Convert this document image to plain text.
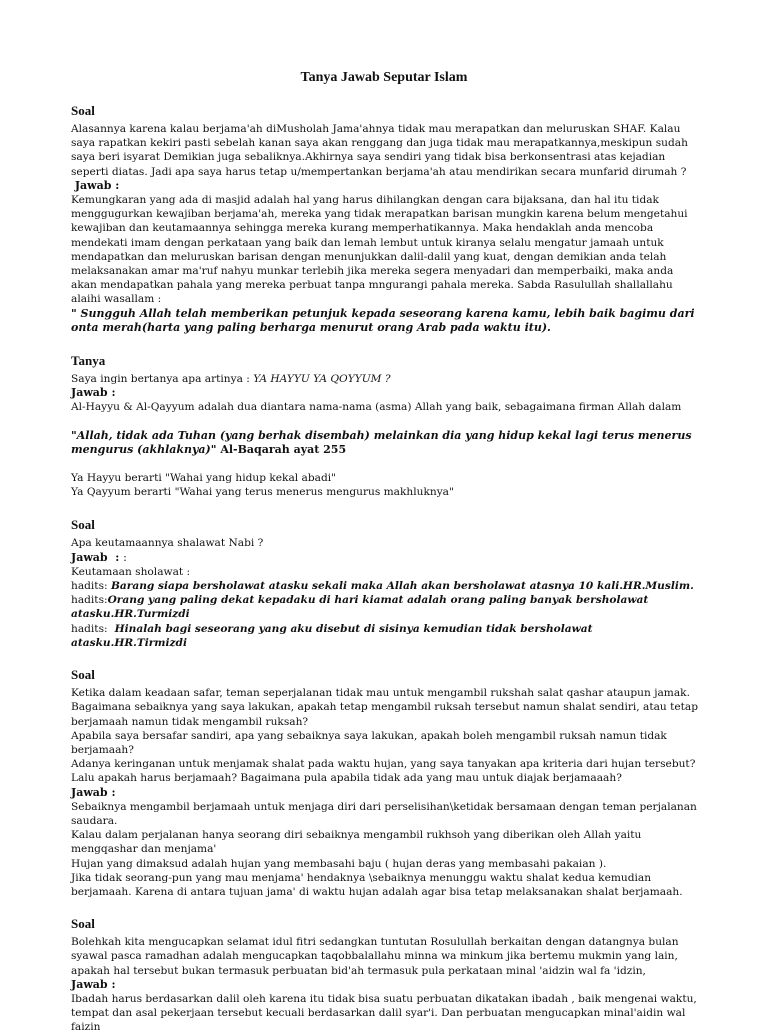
Tanya Jawab Seputar Islam

Soal

Alasannya karena kalau berjama'ah diMusholah Jama'ahnya tidak mau merapatkan dan meluruskan SHAF. Kalau saya rapatkan kekiri pasti sebelah kanan saya akan renggang dan juga tidak mau merapatkannya,meskipun sudah saya beri isyarat Demikian juga sebaliknya.Akhirnya saya sendiri yang tidak bisa berkonsentrasi atas kejadian seperti diatas. Jadi apa saya harus tetap u/mempertankan berjama'ah atau mendirikan secara munfarid dirumah ?

Jawab :

Kemungkaran yang ada di masjid adalah hal yang harus dihilangkan dengan cara bijaksana, dan hal itu tidak menggugurkan kewajiban berjama'ah, mereka yang tidak merapatkan barisan mungkin karena belum mengetahui kewajiban dan keutamaannya sehingga mereka kurang memperhatikannya. Maka hendaklah anda mencoba mendekati imam dengan perkataan yang baik dan lemah lembut untuk kiranya selalu mengatur jamaah untuk mendapatkan dan meluruskan barisan dengan menunjukkan dalil-dalil yang kuat, dengan demikian anda telah melaksanakan amar ma'ruf nahyu munkar terlebih jika mereka segera menyadari dan memperbaiki, maka anda akan mendapatkan pahala yang mereka perbuat tanpa mngurangi pahala mereka. Sabda Rasulullah shallallahu alaihi wasallam :

" Sungguh Allah telah memberikan petunjuk kepada seseorang karena kamu, lebih baik bagimu dari onta merah(harta yang paling berharga menurut orang Arab pada waktu itu).

Tanya

Saya ingin bertanya apa artinya : YA HAYYU YA QOYYUM ?

Jawab :

Al-Hayyu & Al-Qayyum adalah dua diantara nama-nama (asma) Allah yang baik, sebagaimana firman Allah dalam

"Allah, tidak ada Tuhan (yang berhak disembah) melainkan dia yang hidup kekal lagi terus menerus mengurus (akhlaknya)" Al-Baqarah ayat 255

Ya Hayyu berarti "Wahai yang hidup kekal abadi"

Ya Qayyum berarti "Wahai yang terus menerus mengurus makhluknya"

Soal

Apa keutamaannya shalawat Nabi ?

Jawab  : :

Keutamaan sholawat :

hadits: Barang siapa bersholawat atasku sekali maka Allah akan bersholawat atasnya 10 kali.HR.Muslim.

hadits:Orang yang paling dekat kepadaku di hari kiamat adalah orang paling banyak bersholawat atasku.HR.Turmizdi

hadits:  Hinalah bagi seseorang yang aku disebut di sisinya kemudian tidak bersholawat atasku.HR.Tirmizdi

Soal

Ketika dalam keadaan safar, teman seperjalanan tidak mau untuk mengambil rukshah salat qashar ataupun jamak.

Bagaimana sebaiknya yang saya lakukan, apakah tetap mengambil ruksah tersebut namun shalat sendiri, atau tetap berjamaah namun tidak mengambil ruksah?

Apabila saya bersafar sandiri, apa yang sebaiknya saya lakukan, apakah boleh mengambil ruksah namun tidak berjamaah?

Adanya keringanan untuk menjamak shalat pada waktu hujan, yang saya tanyakan apa kriteria dari hujan tersebut?

Lalu apakah harus berjamaah? Bagaimana pula apabila tidak ada yang mau untuk diajak berjamaaah?

Jawab :

Sebaiknya mengambil berjamaah untuk menjaga diri dari perselisihan\ketidak bersamaan dengan teman perjalanan saudara.

Kalau dalam perjalanan hanya seorang diri sebaiknya mengambil rukhsoh yang diberikan oleh Allah yaitu mengqashar dan menjama'

Hujan yang dimaksud adalah hujan yang membasahi baju ( hujan deras yang membasahi pakaian ).

Jika tidak seorang-pun yang mau menjama' hendaknya \sebaiknya menunggu waktu shalat kedua kemudian berjamaah. Karena di antara tujuan jama' di waktu hujan adalah agar bisa tetap melaksanakan shalat berjamaah.

Soal

Bolehkah kita mengucapkan selamat idul fitri sedangkan tuntutan Rosulullah berkaitan dengan datangnya bulan syawal pasca ramadhan adalah mengucapkan taqobbalallahu minna wa minkum jika bertemu mukmin yang lain, apakah hal tersebut bukan termasuk perbuatan bid'ah termasuk pula perkataan minal 'aidzin wal fa 'idzin,

Jawab :

Ibadah harus berdasarkan dalil oleh karena itu tidak bisa suatu perbuatan dikatakan ibadah , baik mengenai waktu, tempat dan asal pekerjaan tersebut kecuali berdasarkan dalil syar'i. Dan perbuatan mengucapkan minal'aidin wal faizin
